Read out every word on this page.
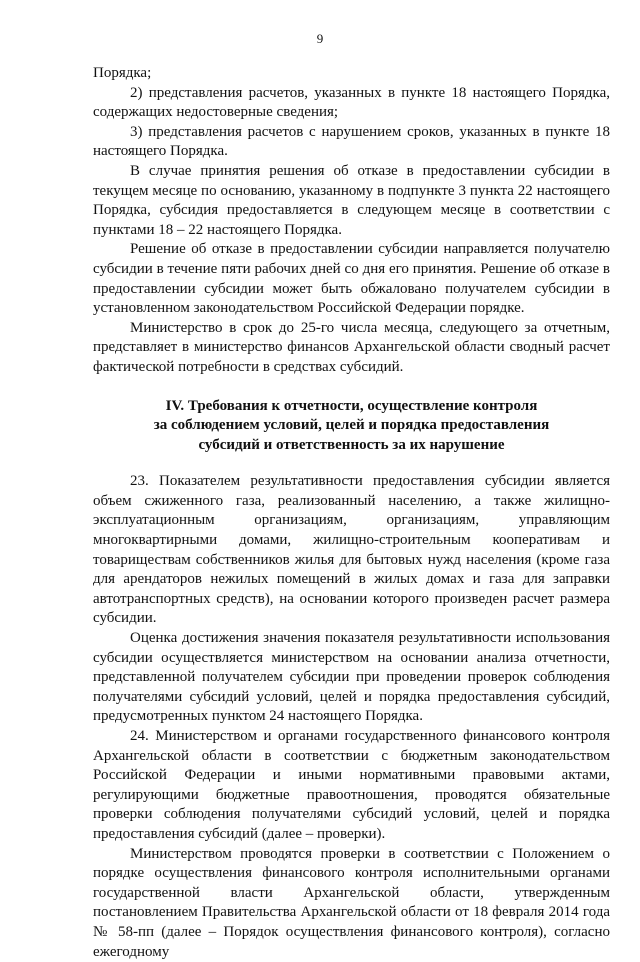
9

Порядка;

2) представления расчетов, указанных в пункте 18 настоящего Порядка, содержащих недостоверные сведения;

3) представления расчетов с нарушением сроков, указанных в пункте 18 настоящего Порядка.

В случае принятия решения об отказе в предоставлении субсидии в текущем месяце по основанию, указанному в подпункте 3 пункта 22 настоящего Порядка, субсидия предоставляется в следующем месяце в соответствии с пунктами 18 – 22 настоящего Порядка.

Решение об отказе в предоставлении субсидии направляется получателю субсидии в течение пяти рабочих дней со дня его принятия. Решение об отказе в предоставлении субсидии может быть обжаловано получателем субсидии в установленном законодательством Российской Федерации порядке.

Министерство в срок до 25-го числа месяца, следующего за отчетным, представляет в министерство финансов Архангельской области сводный расчет фактической потребности в средствах субсидий.

IV. Требования к отчетности, осуществление контроля
за соблюдением условий, целей и порядка предоставления
субсидий и ответственность за их нарушение

23. Показателем результативности предоставления субсидии является объем сжиженного газа, реализованный населению, а также жилищно-эксплуатационным организациям, организациям, управляющим многоквартирными домами, жилищно-строительным кооперативам и товариществам собственников жилья для бытовых нужд населения (кроме газа для арендаторов нежилых помещений в жилых домах и газа для заправки автотранспортных средств), на основании которого произведен расчет размера субсидии.

Оценка достижения значения показателя результативности использования субсидии осуществляется министерством на основании анализа отчетности, представленной получателем субсидии при проведении проверок соблюдения получателями субсидий условий, целей и порядка предоставления субсидий, предусмотренных пунктом 24 настоящего Порядка.

24. Министерством и органами государственного финансового контроля Архангельской области в соответствии с бюджетным законодательством Российской Федерации и иными нормативными правовыми актами, регулирующими бюджетные правоотношения, проводятся обязательные проверки соблюдения получателями субсидий условий, целей и порядка предоставления субсидий (далее – проверки).

Министерством проводятся проверки в соответствии с Положением о порядке осуществления финансового контроля исполнительными органами государственной власти Архангельской области, утвержденным постановлением Правительства Архангельской области от 18 февраля 2014 года № 58-пп (далее – Порядок осуществления финансового контроля), согласно ежегодному
